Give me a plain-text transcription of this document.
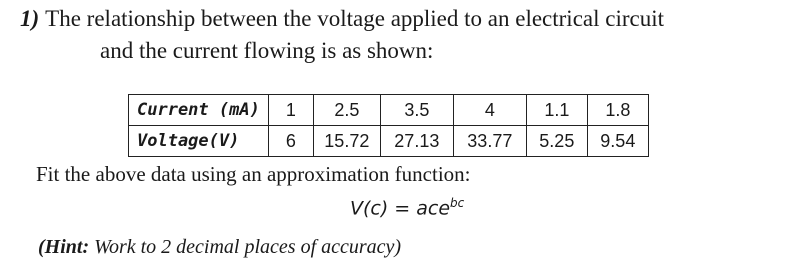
1) The relationship between the voltage applied to an electrical circuit
and the current flowing is as shown:
Current (mA)	1	2.5	3.5	4	1.1	1.8
Voltage(V)	6	15.72	27.13	33.77	5.25	9.54
Fit the above data using an approximation function:
V(c) = ace$^{bc}$
(Hint: Work to 2 decimal places of accuracy)
